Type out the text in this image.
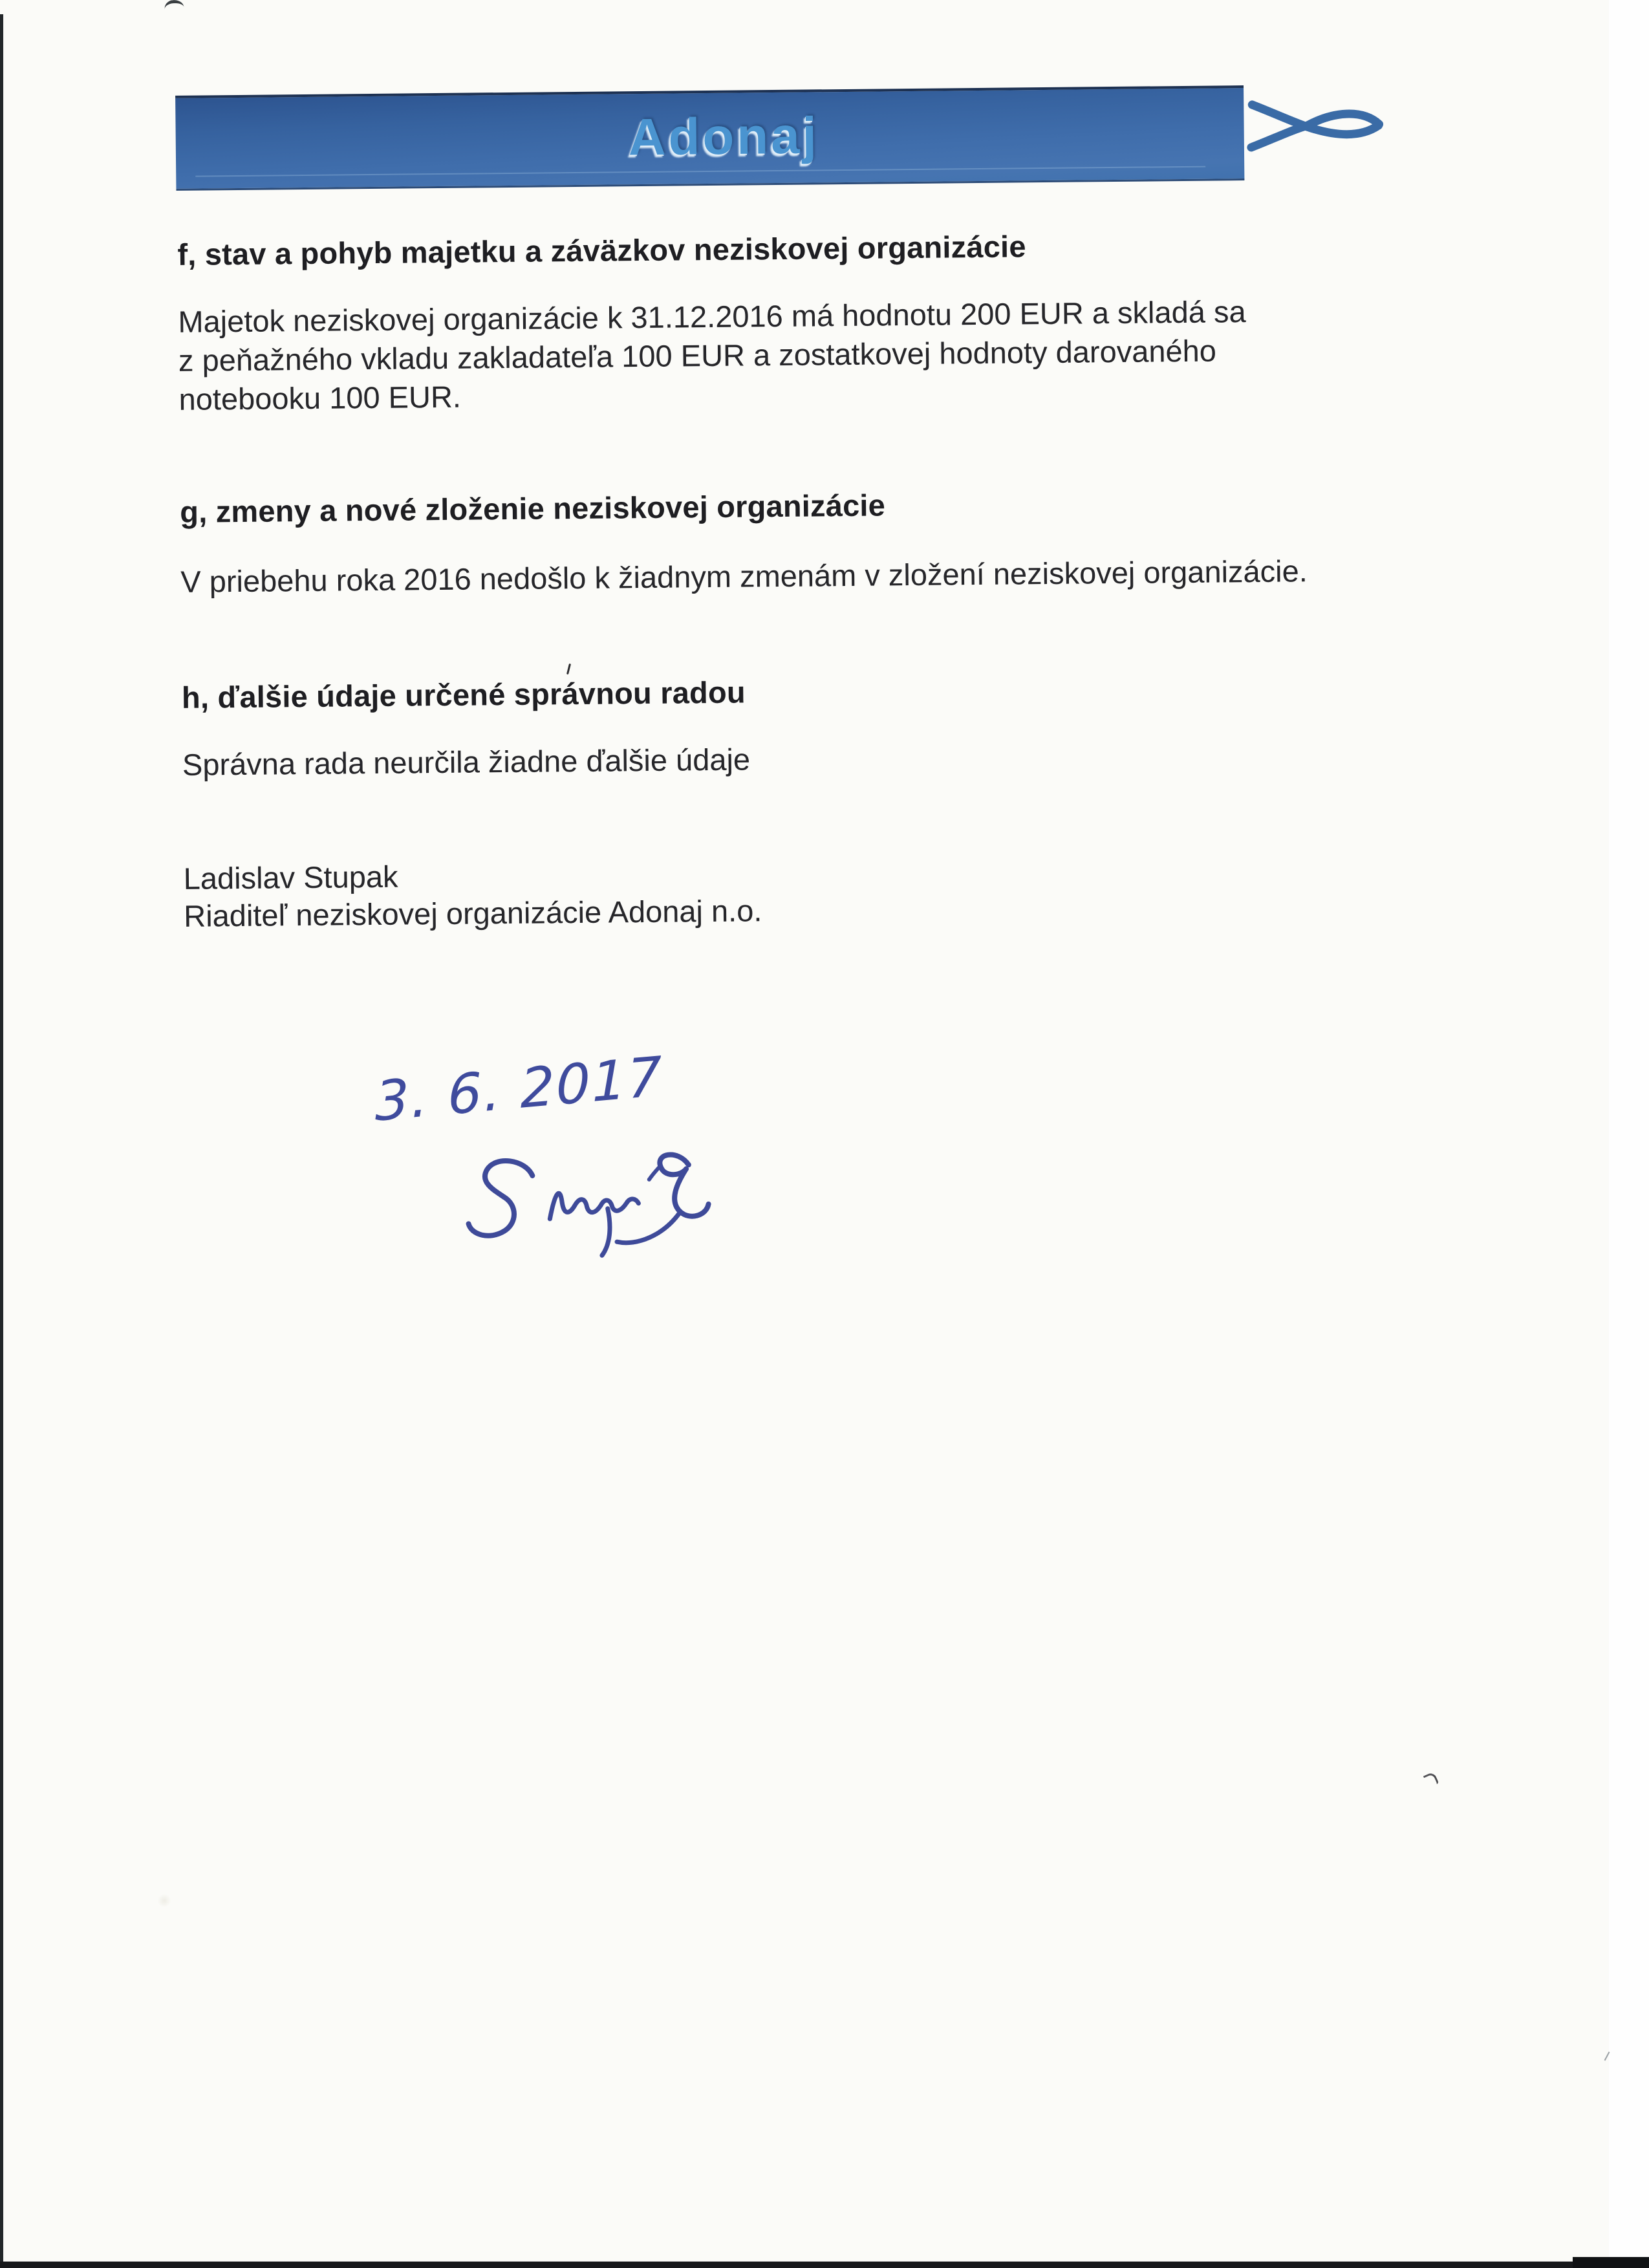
Adonaj
f, stav a pohyb majetku a záväzkov neziskovej organizácie
Majetok neziskovej organizácie k 31.12.2016 má hodnotu 200 EUR a skladá sa
z peňažného vkladu zakladateľa 100 EUR a zostatkovej hodnoty darovaného
notebooku 100 EUR.
g, zmeny a nové zloženie neziskovej organizácie
V priebehu roka 2016 nedošlo k žiadnym zmenám v zložení neziskovej organizácie.
h, ďalšie údaje určené správnou radou
Správna rada neurčila žiadne ďalšie údaje
Ladislav Stupak
Riaditeľ neziskovej organizácie Adonaj n.o.
3. 6. 2017
